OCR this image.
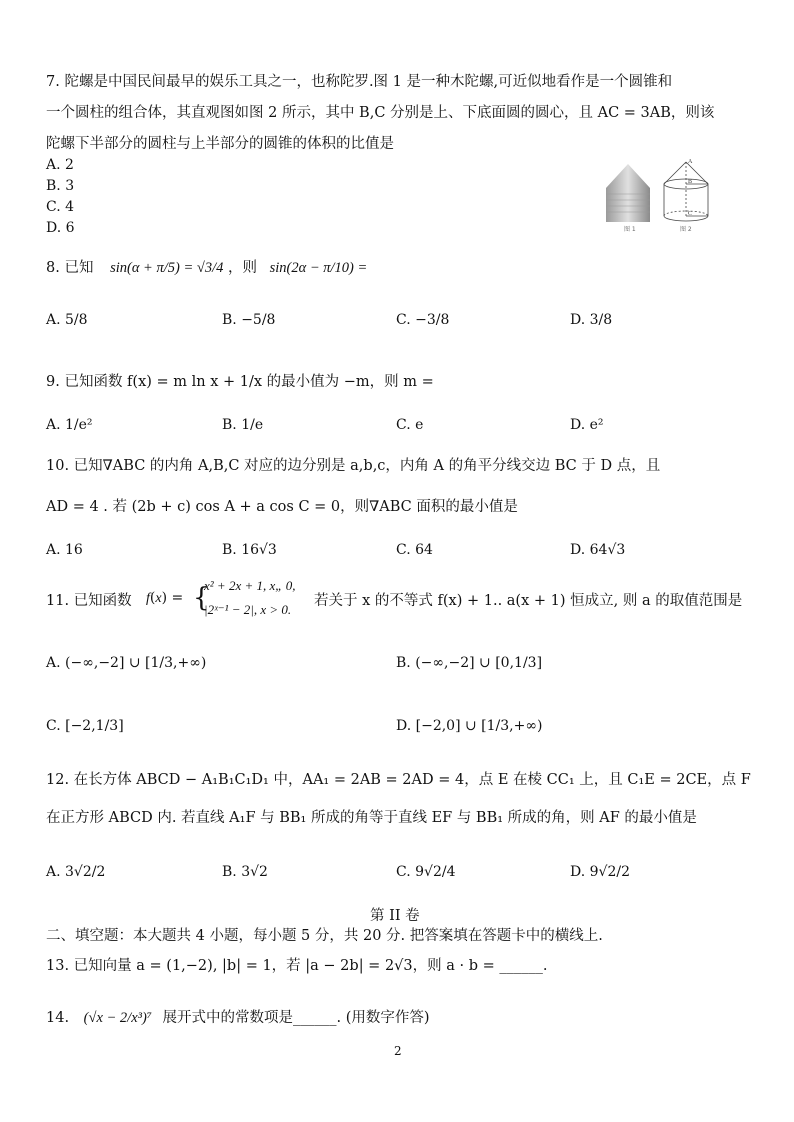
7. 陀螺是中国民间最早的娱乐工具之一，也称陀罗.图 1 是一种木陀螺,可近似地看作是一个圆锥和
一个圆柱的组合体，其直观图如图 2 所示，其中 B,C 分别是上、下底面圆的圆心，且 AC = 3AB，则该
陀螺下半部分的圆柱与上半部分的圆锥的体积的比值是
A. 2
B. 3
C. 4
D. 6	图 1
A
B
C
图 2
8. 已知 sin(α + π/5) = √3/4 ，则 sin(2α − π/10) =
A. 5/8	B. −5/8	C. −3/8	D. 3/8
9. 已知函数 f(x) = m ln x + 1/x 的最小值为 −m，则 m =
A. 1/e²	B. 1/e	C. e	D. e²
10. 已知∇ABC 的内角 A,B,C 对应的边分别是 a,b,c，内角 A 的角平分线交边 BC 于 D 点，且
AD = 4 . 若 (2b + c) cos A + a cos C = 0，则∇ABC 面积的最小值是
A. 16	B. 16√3	C. 64	D. 64√3
11. 已知函数 f(x) = {
x² + 2x + 1, x„ 0,
|2ˣ⁻¹ − 2|, x > 0.
若关于 x 的不等式 f(x) + 1.. a(x + 1) 恒成立, 则 a 的取值范围是
A. (−∞,−2] ∪ [1/3,+∞)	B. (−∞,−2] ∪ [0,1/3]
C. [−2,1/3]	D. [−2,0] ∪ [1/3,+∞)
12. 在长方体 ABCD − A₁B₁C₁D₁ 中，AA₁ = 2AB = 2AD = 4，点 E 在棱 CC₁ 上，且 C₁E = 2CE，点 F
在正方形 ABCD 内. 若直线 A₁F 与 BB₁ 所成的角等于直线 EF 与 BB₁ 所成的角，则 AF 的最小值是
A. 3√2/2	B. 3√2	C. 9√2/4	D. 9√2/2
第 II 卷
二、填空题：本大题共 4 小题，每小题 5 分，共 20 分. 把答案填在答题卡中的横线上.
13. 已知向量 a = (1,−2), |b| = 1，若 |a − 2b| = 2√3，则 a · b = ______.
14. (√x − 2/x³)⁷ 展开式中的常数项是______. (用数字作答)
2
